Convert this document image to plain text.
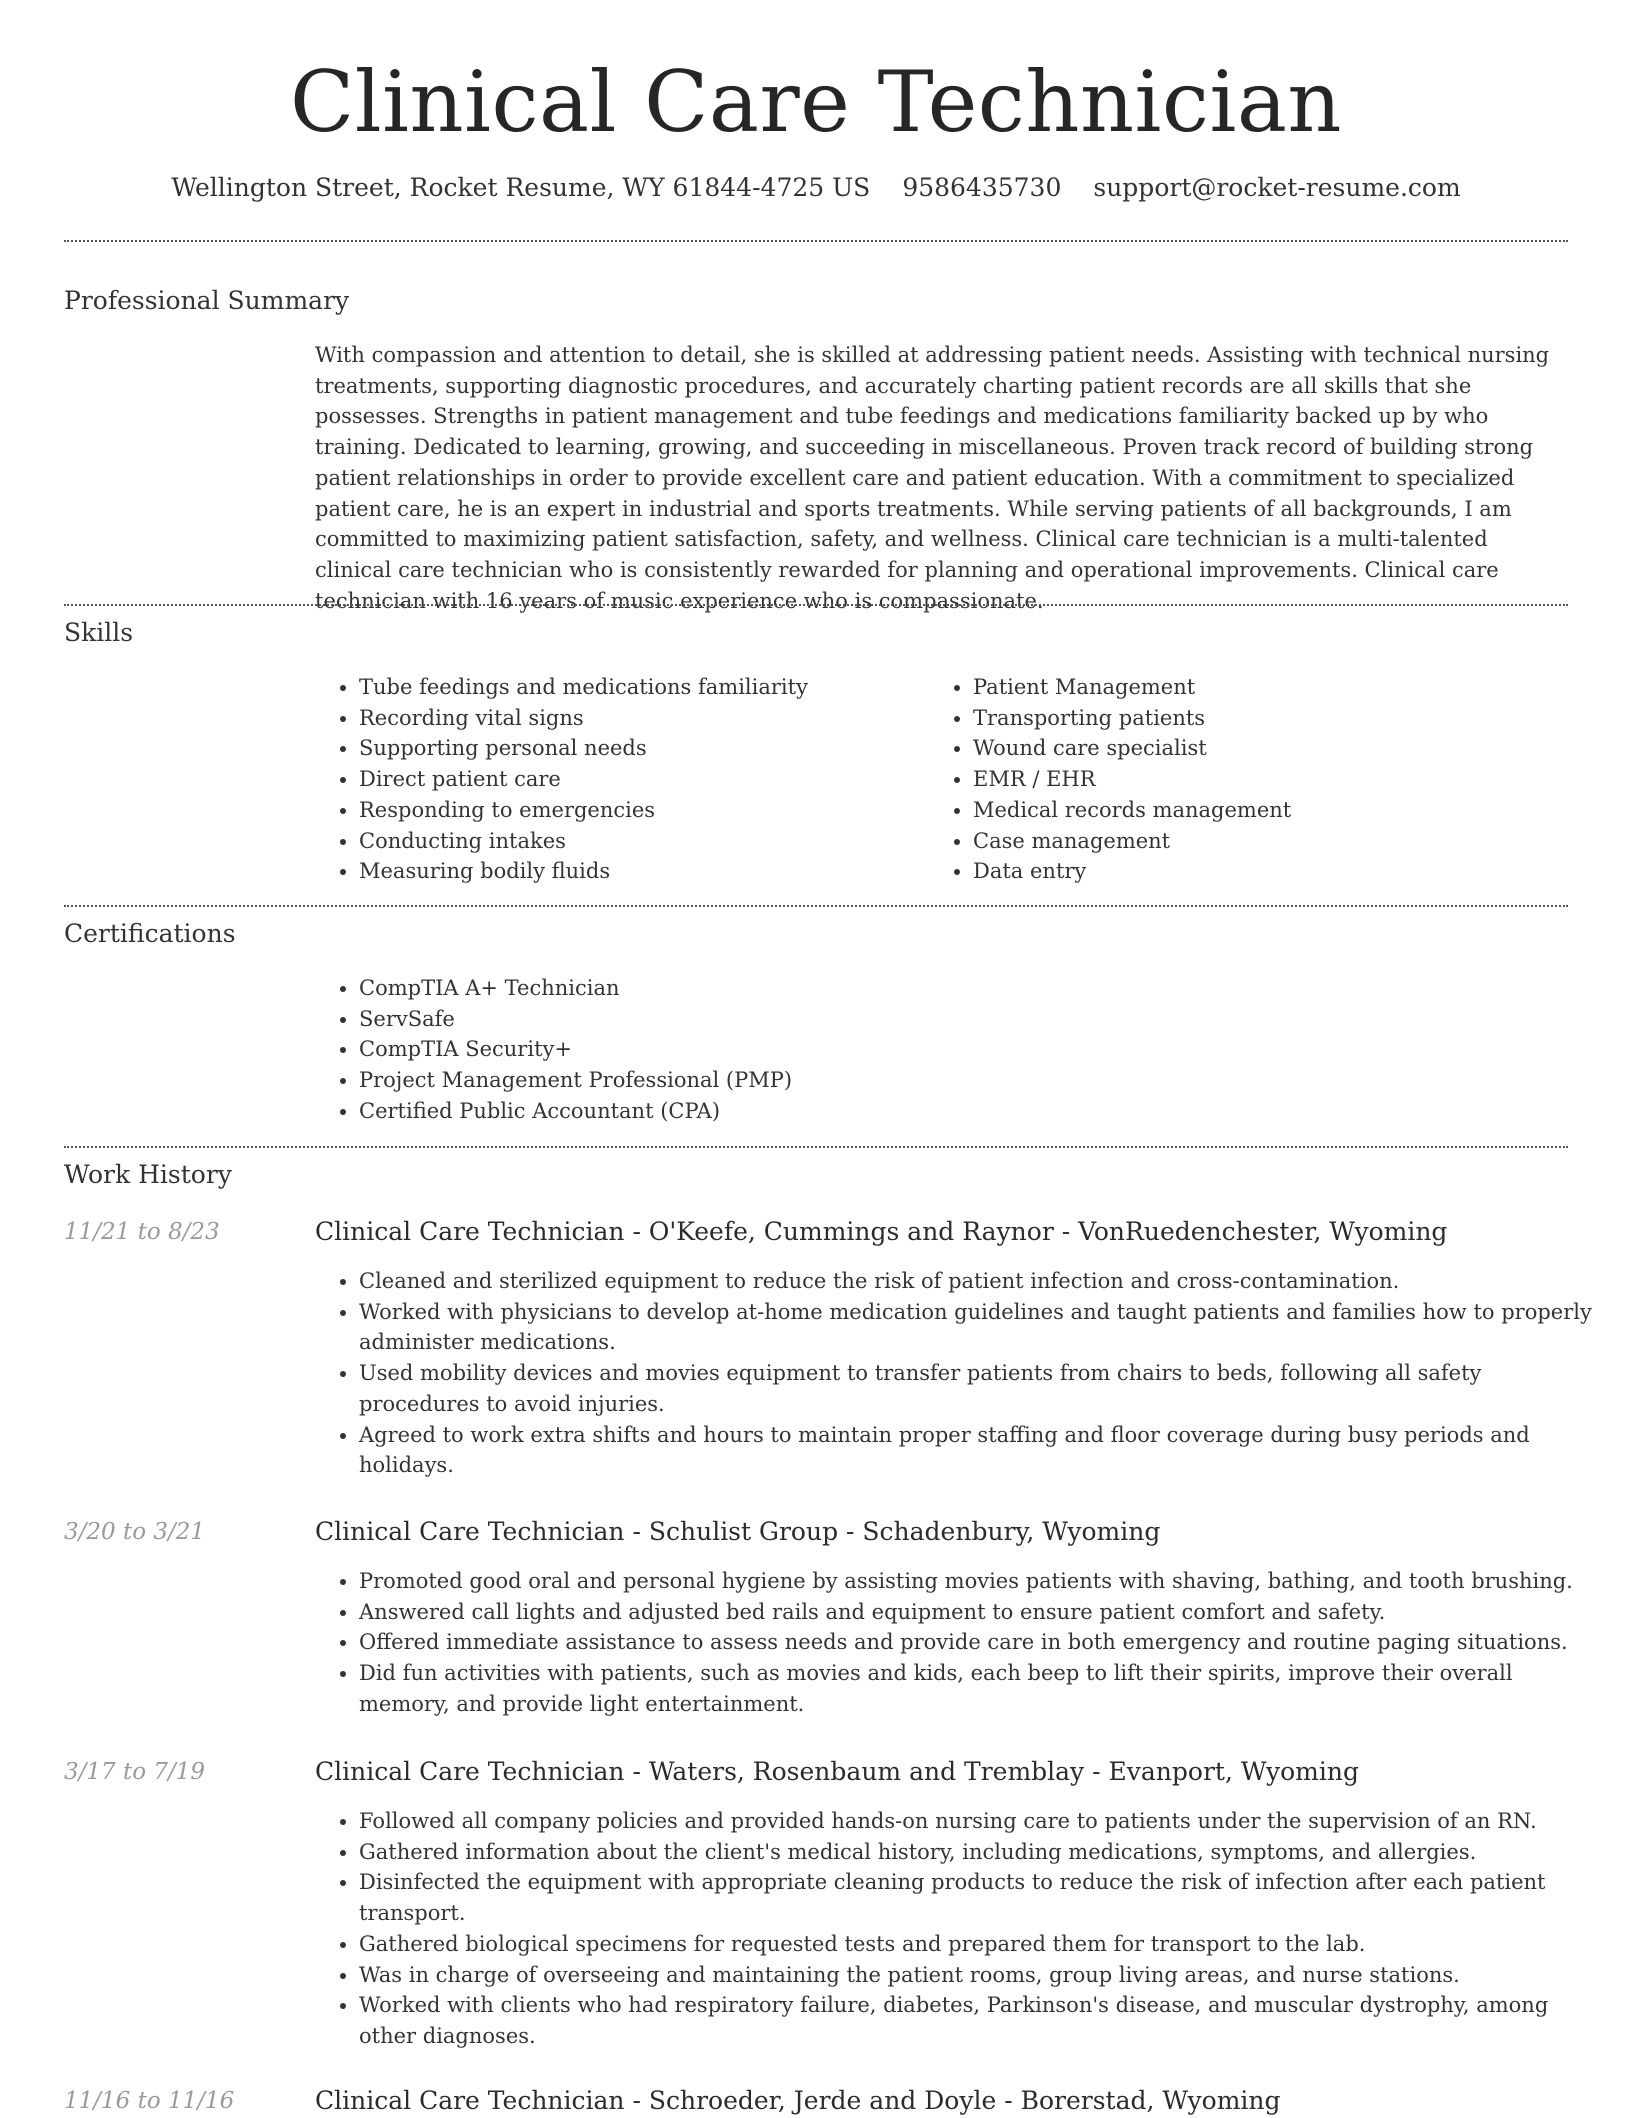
Clinical Care Technician
Wellington Street, Rocket Resume, WY 61844-4725 US 9586435730 support@rocket-resume.com
Professional Summary
With compassion and attention to detail, she is skilled at addressing patient needs. Assisting with technical nursing treatments, supporting diagnostic procedures, and accurately charting patient records are all skills that she possesses. Strengths in patient management and tube feedings and medications familiarity backed up by who training. Dedicated to learning, growing, and succeeding in miscellaneous. Proven track record of building strong patient relationships in order to provide excellent care and patient education. With a commitment to specialized patient care, he is an expert in industrial and sports treatments. While serving patients of all backgrounds, I am committed to maximizing patient satisfaction, safety, and wellness. Clinical care technician is a multi-talented clinical care technician who is consistently rewarded for planning and operational improvements. Clinical care technician with 16 years of music experience who is compassionate.
Skills
• Tube feedings and medications familiarity
• Recording vital signs
• Supporting personal needs
• Direct patient care
• Responding to emergencies
• Conducting intakes
• Measuring bodily fluids
• Patient Management
• Transporting patients
• Wound care specialist
• EMR / EHR
• Medical records management
• Case management
• Data entry
Certifications
• CompTIA A+ Technician
• ServSafe
• CompTIA Security+
• Project Management Professional (PMP)
• Certified Public Accountant (CPA)
Work History
11/21 to 8/23	Clinical Care Technician - O'Keefe, Cummings and Raynor - VonRuedenchester, Wyoming
• Cleaned and sterilized equipment to reduce the risk of patient infection and cross-contamination.
• Worked with physicians to develop at-home medication guidelines and taught patients and families how to properly administer medications.
• Used mobility devices and movies equipment to transfer patients from chairs to beds, following all safety procedures to avoid injuries.
• Agreed to work extra shifts and hours to maintain proper staffing and floor coverage during busy periods and holidays.
3/20 to 3/21	Clinical Care Technician - Schulist Group - Schadenbury, Wyoming
• Promoted good oral and personal hygiene by assisting movies patients with shaving, bathing, and tooth brushing.
• Answered call lights and adjusted bed rails and equipment to ensure patient comfort and safety.
• Offered immediate assistance to assess needs and provide care in both emergency and routine paging situations.
• Did fun activities with patients, such as movies and kids, each beep to lift their spirits, improve their overall memory, and provide light entertainment.
3/17 to 7/19	Clinical Care Technician - Waters, Rosenbaum and Tremblay - Evanport, Wyoming
• Followed all company policies and provided hands-on nursing care to patients under the supervision of an RN.
• Gathered information about the client's medical history, including medications, symptoms, and allergies.
• Disinfected the equipment with appropriate cleaning products to reduce the risk of infection after each patient transport.
• Gathered biological specimens for requested tests and prepared them for transport to the lab.
• Was in charge of overseeing and maintaining the patient rooms, group living areas, and nurse stations.
• Worked with clients who had respiratory failure, diabetes, Parkinson's disease, and muscular dystrophy, among other diagnoses.
11/16 to 11/16	Clinical Care Technician - Schroeder, Jerde and Doyle - Borerstad, Wyoming
